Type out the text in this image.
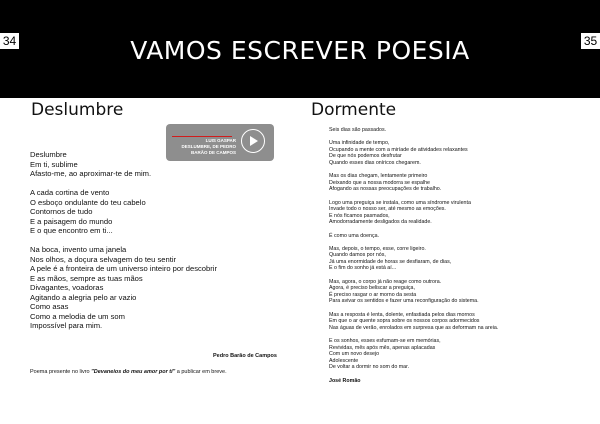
34	VAMOS ESCREVER POESIA	35
Deslumbre
LUIS GASPAR
DESLUMBRE, DE PEDRO
BARÃO DE CAMPOS
Deslumbre
Em ti, sublime
Afasto-me, ao aproximar-te de mim.
A cada cortina de vento
O esboço ondulante do teu cabelo
Contornos de tudo
E a paisagem do mundo
E o que encontro em ti...
Na boca, invento uma janela
Nos olhos, a doçura selvagem do teu sentir
A pele é a fronteira de um universo inteiro por descobrir
E as mãos, sempre as tuas mãos
Divagantes, voadoras
Agitando a alegria pelo ar vazio
Como asas
Como a melodia de um som
Impossível para mim.
Pedro Barão de Campos
Poema presente no livro "Devaneios do meu amor por ti" a publicar em breve.
Dormente
Seis dias são passados.
Uma infinidade de tempo,
Ocupando a mente com a miríade de atividades relaxantes
De que nós podemos desfrutar
Quando esses dias oníricos chegarem.
Mas os dias chegam, lentamente primeiro
Deixando que a nossa modorra se espalhe
Afogando as nossas preocupações de trabalho.
Logo uma preguiça se instala, como uma síndrome virulenta
Invade todo o nosso ser, até mesmo as emoções.
E nós ficamos pasmados,
Amodorradamente desligados da realidade.
É como uma doença.
Mas, depois, o tempo, esse, corre ligeiro.
Quando damos por nós,
Já uma enormidade de horas se desfiaram, de dias,
E o fim do sonho já está aí...
Mas, agora, o corpo já não reage como outrora.
Agora, é preciso beliscar a preguiça,
É preciso rasgar o ar morno da sesta
Para avivar os sentidos e fazer uma reconfiguração do sistema.
Mas a resposta é lenta, dolente, enfastiada pelos dias mornos
Em que o ar quente sopra sobre os nossos corpos adormecidos
Nas águas de verão, enrolados em surpresa que as deformam na areia.
E os sonhos, esses esfumam-se em memórias,
Revividas, mês após mês, apenas aplacadas
Com um novo desejo
Adolescente
De voltar a dormir no som do mar.
José Romão
